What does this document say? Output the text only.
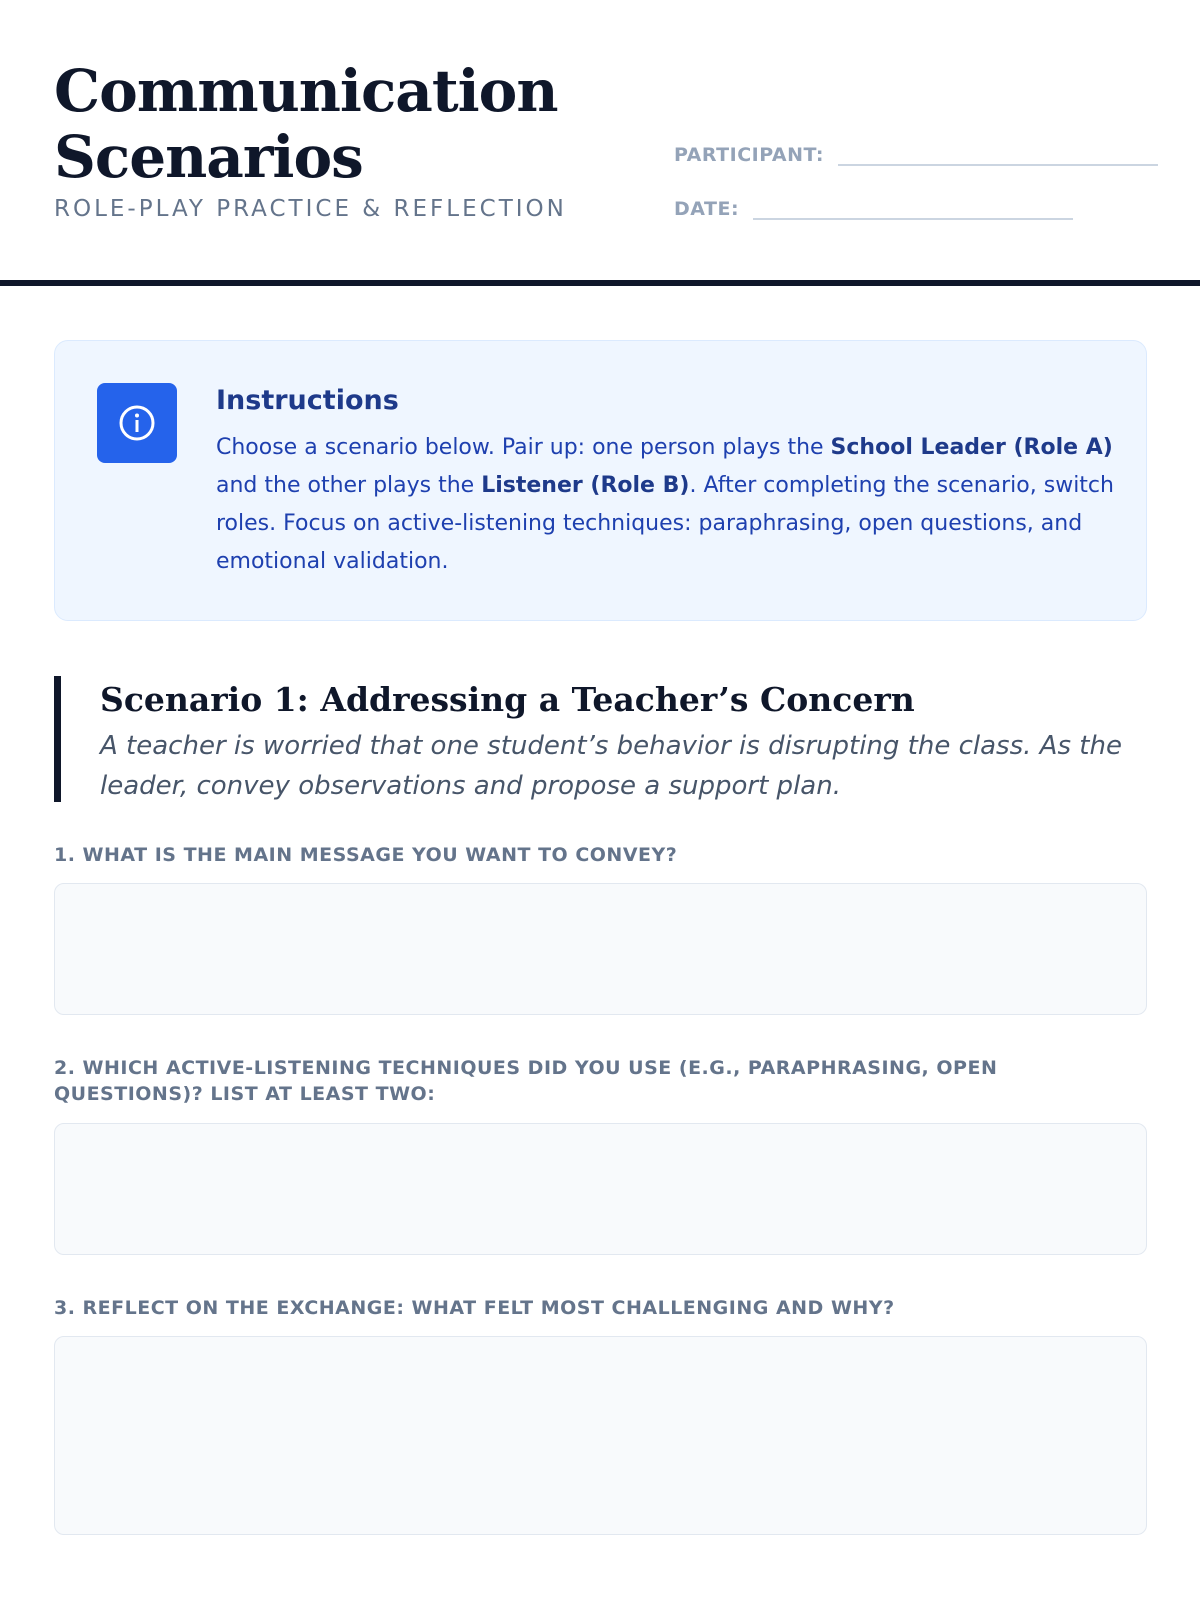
Communication
Scenarios
ROLE-PLAY PRACTICE & REFLECTION
PARTICIPANT:
DATE:
Instructions
Choose a scenario below. Pair up: one person plays the School Leader (Role A) and the other plays the Listener (Role B). After completing the scenario, switch roles. Focus on active-listening techniques: paraphrasing, open questions, and emotional validation.
Scenario 1: Addressing a Teacher’s Concern
A teacher is worried that one student’s behavior is disrupting the class. As the leader, convey observations and propose a support plan.
1. WHAT IS THE MAIN MESSAGE YOU WANT TO CONVEY?
2. WHICH ACTIVE-LISTENING TECHNIQUES DID YOU USE (E.G., PARAPHRASING, OPEN QUESTIONS)? LIST AT LEAST TWO:
3. REFLECT ON THE EXCHANGE: WHAT FELT MOST CHALLENGING AND WHY?
